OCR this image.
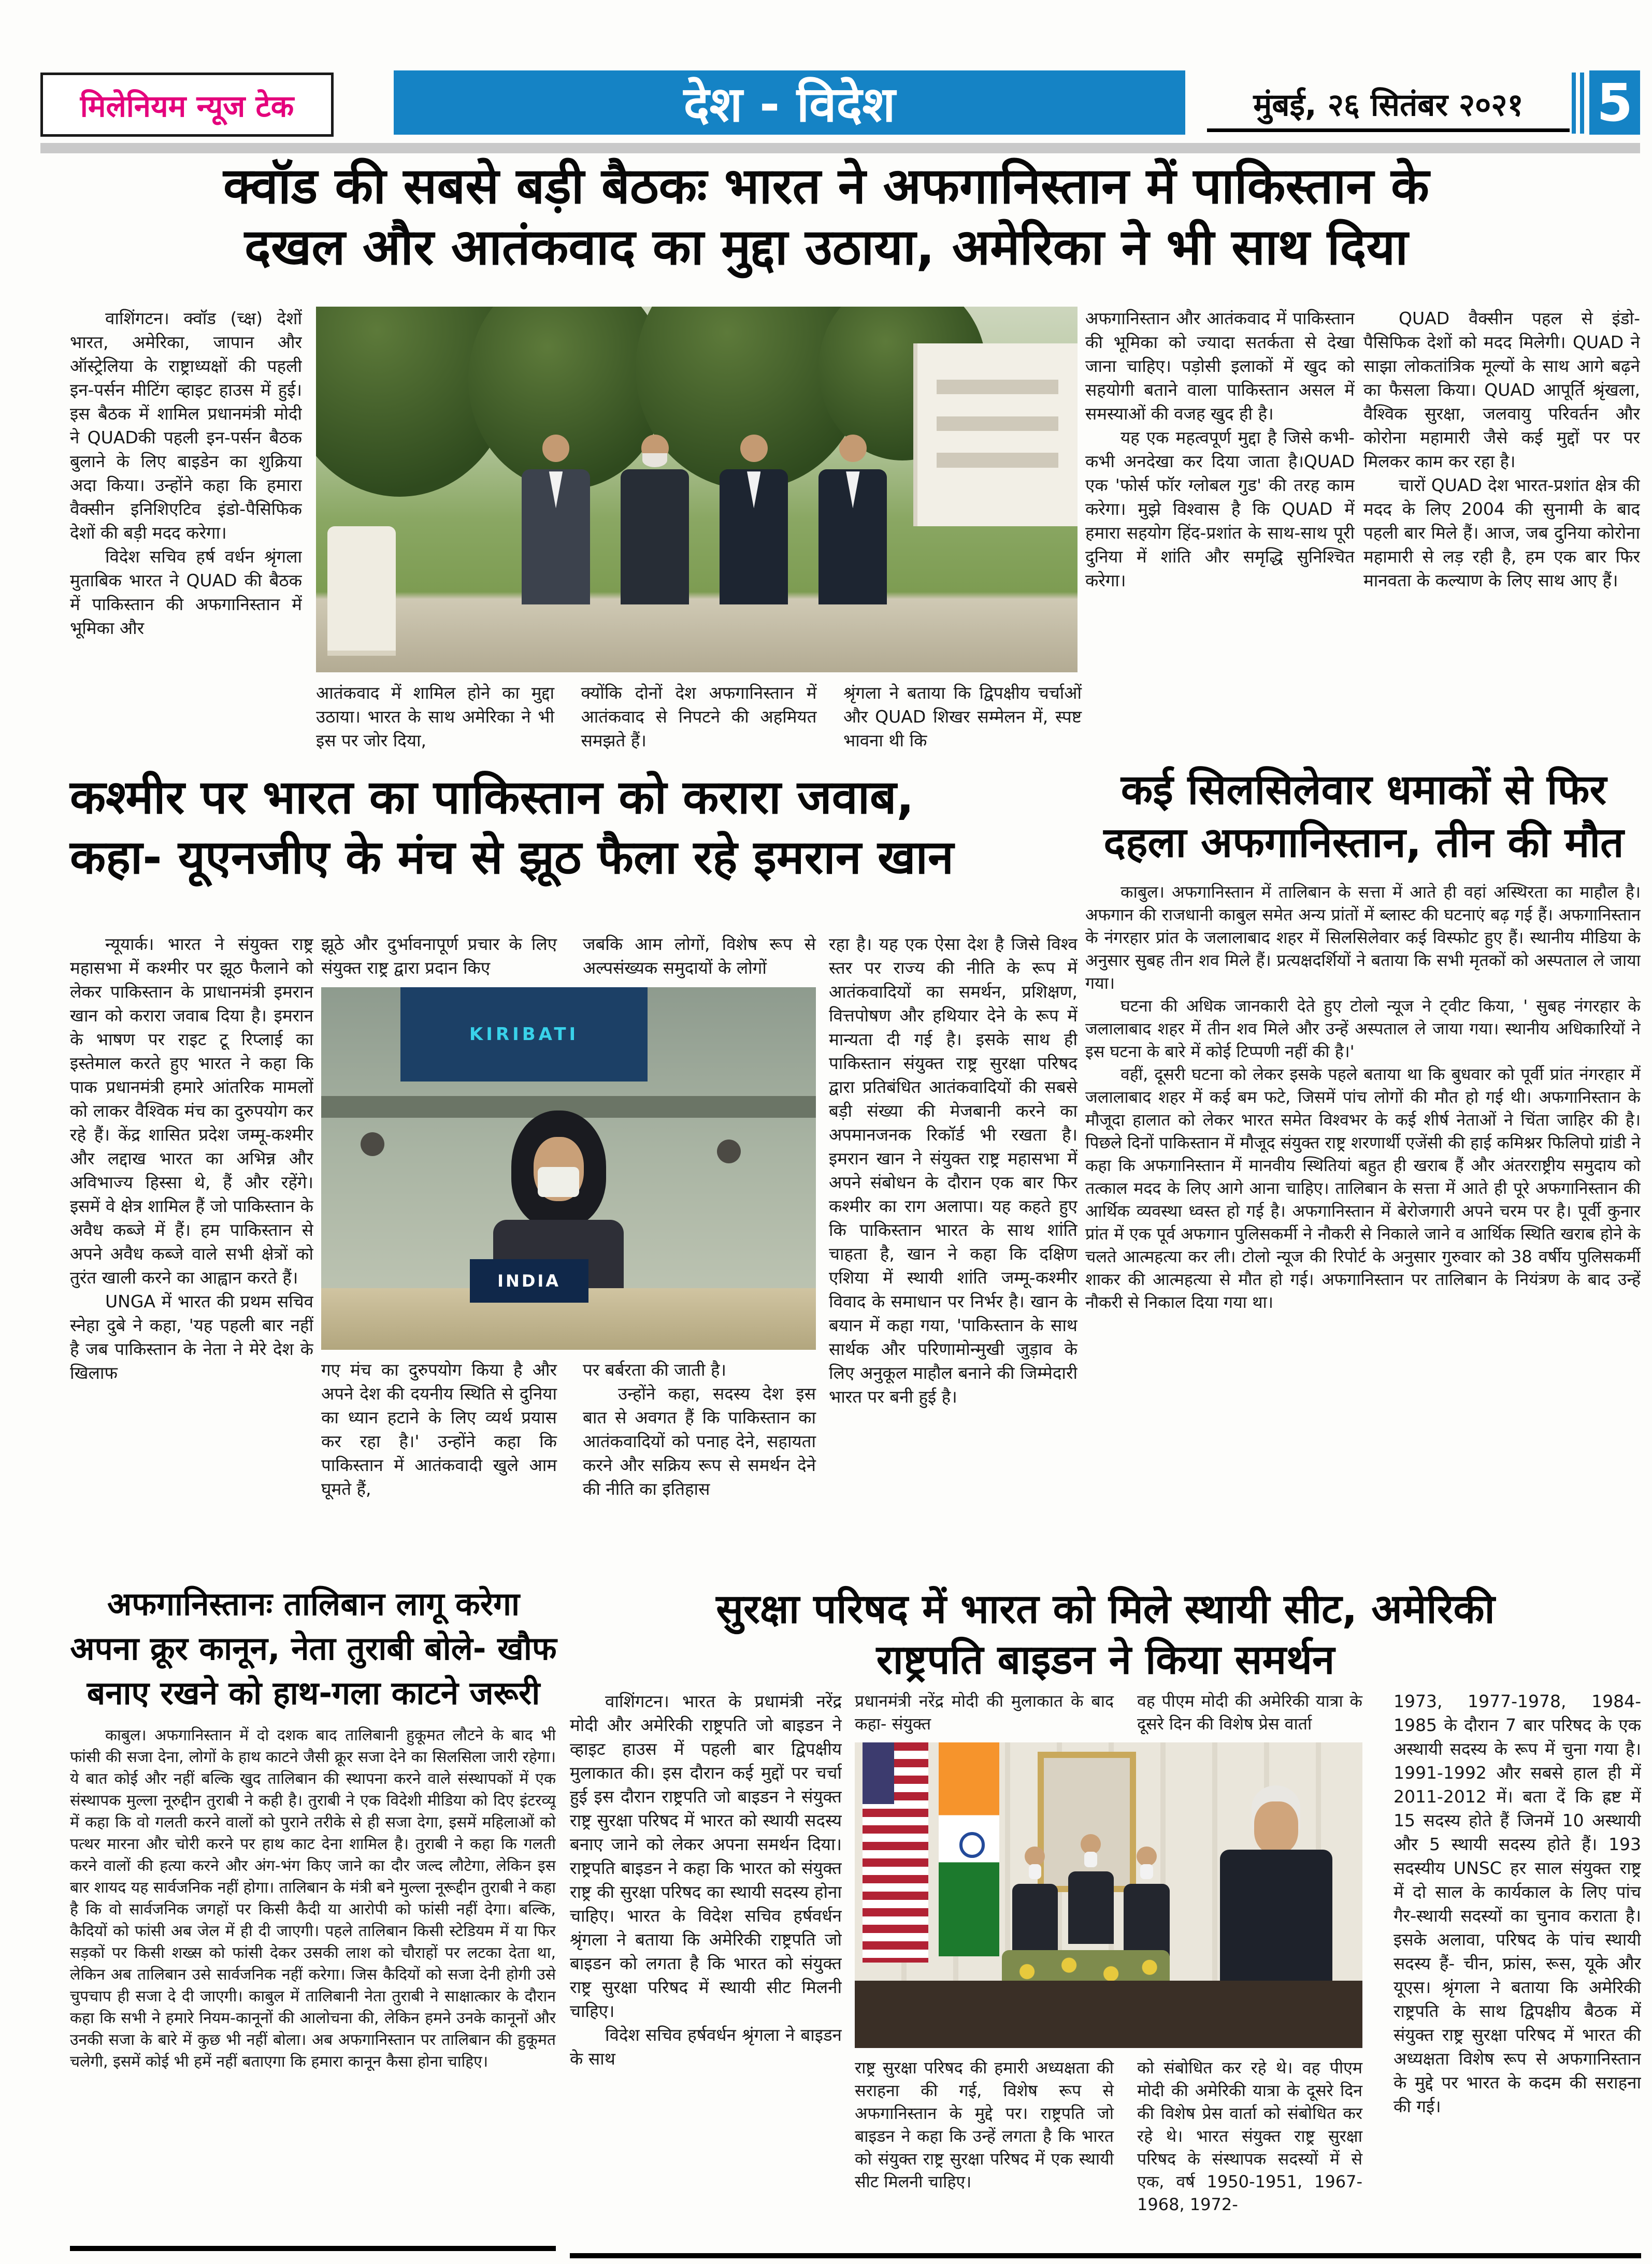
मिलेनियम न्यूज टेक	देश - विदेश	मुंबई, २६ सितंबर २०२१	5
क्वॉड की सबसे बड़ी बैठकः भारत ने अफगानिस्तान में पाकिस्तान के
दखल और आतंकवाद का मुद्दा उठाया, अमेरिका ने भी साथ दिया
वाशिंगटन। क्वॉड (च्क्ष) देशों भारत, अमेरिका, जापान और ऑस्ट्रेलिया के राष्ट्राध्यक्षों की पहली इन-पर्सन मीटिंग व्हाइट हाउस में हुई। इस बैठक में शामिल प्रधानमंत्री मोदी ने QUADकी पहली इन-पर्सन बैठक बुलाने के लिए बाइडेन का शुक्रिया अदा किया। उन्होंने कहा कि हमारा वैक्सीन इनिशिएटिव इंडो-पैसिफिक देशों की बड़ी मदद करेगा।
विदेश सचिव हर्ष वर्धन श्रृंगला मुताबिक भारत ने QUAD की बैठक में पाकिस्तान की अफगानिस्तान में भूमिका और
आतंकवाद में शामिल होने का मुद्दा उठाया। भारत के साथ अमेरिका ने भी इस पर जोर दिया,
क्योंकि दोनों देश अफगानिस्तान में आतंकवाद से निपटने की अहमियत समझते हैं।
श्रृंगला ने बताया कि द्विपक्षीय चर्चाओं और QUAD शिखर सम्मेलन में, स्पष्ट भावना थी कि
अफगानिस्तान और आतंकवाद में पाकिस्तान की भूमिका को ज्यादा सतर्कता से देखा जाना चाहिए। पड़ोसी इलाकों में खुद को सहयोगी बताने वाला पाकिस्तान असल में समस्याओं की वजह खुद ही है।
यह एक महत्वपूर्ण मुद्दा है जिसे कभी-कभी अनदेखा कर दिया जाता है।QUAD एक 'फोर्स फॉर ग्लोबल गुड' की तरह काम करेगा। मुझे विश्वास है कि QUAD में हमारा सहयोग हिंद-प्रशांत के साथ-साथ पूरी दुनिया में शांति और समृद्धि सुनिश्चित करेगा।
QUAD वैक्सीन पहल से इंडो-पैसिफिक देशों को मदद मिलेगी। QUAD ने साझा लोकतांत्रिक मूल्यों के साथ आगे बढ़ने का फैसला किया। QUAD आपूर्ति श्रृंखला, वैश्विक सुरक्षा, जलवायु परिवर्तन और कोरोना महामारी जैसे कई मुद्दों पर पर मिलकर काम कर रहा है।
चारों QUAD देश भारत-प्रशांत क्षेत्र की मदद के लिए 2004 की सुनामी के बाद पहली बार मिले हैं। आज, जब दुनिया कोरोना महामारी से लड़ रही है, हम एक बार फिर मानवता के कल्याण के लिए साथ आए हैं।
कश्मीर पर भारत का पाकिस्तान को करारा जवाब,
कहा- यूएनजीए के मंच से झूठ फैला रहे इमरान खान
न्यूयार्क। भारत ने संयुक्त राष्ट्र महासभा में कश्मीर पर झूठ फैलाने को लेकर पाकिस्तान के प्राधानमंत्री इमरान खान को करारा जवाब दिया है। इमरान के भाषण पर राइट टू रिप्लाई का इस्तेमाल करते हुए भारत ने कहा कि पाक प्रधानमंत्री हमारे आंतरिक मामलों को लाकर वैश्विक मंच का दुरुपयोग कर रहे हैं। केंद्र शासित प्रदेश जम्मू-कश्मीर और लद्दाख भारत का अभिन्न और अविभाज्य हिस्सा थे, हैं और रहेंगे। इसमें वे क्षेत्र शामिल हैं जो पाकिस्तान के अवैध कब्जे में हैं। हम पाकिस्तान से अपने अवैध कब्जे वाले सभी क्षेत्रों को तुरंत खाली करने का आह्वान करते हैं।
UNGA में भारत की प्रथम सचिव स्नेहा दुबे ने कहा, 'यह पहली बार नहीं है जब पाकिस्तान के नेता ने मेरे देश के खिलाफ
झूठे और दुर्भावनापूर्ण प्रचार के लिए संयुक्त राष्ट्र द्वारा प्रदान किए
जबकि आम लोगों, विशेष रूप से अल्पसंख्यक समुदायों के लोगों
KIRIBATI
INDIA
गए मंच का दुरुपयोग किया है और अपने देश की दयनीय स्थिति से दुनिया का ध्यान हटाने के लिए व्यर्थ प्रयास कर रहा है।' उन्होंने कहा कि पाकिस्तान में आतंकवादी खुले आम घूमते हैं,
पर बर्बरता की जाती है।
उन्होंने कहा, सदस्य देश इस बात से अवगत हैं कि पाकिस्तान का आतंकवादियों को पनाह देने, सहायता करने और सक्रिय रूप से समर्थन देने की नीति का इतिहास
रहा है। यह एक ऐसा देश है जिसे विश्व स्तर पर राज्य की नीति के रूप में आतंकवादियों का समर्थन, प्रशिक्षण, वित्तपोषण और हथियार देने के रूप में मान्यता दी गई है। इसके साथ ही पाकिस्तान संयुक्त राष्ट्र सुरक्षा परिषद द्वारा प्रतिबंधित आतंकवादियों की सबसे बड़ी संख्या की मेजबानी करने का अपमानजनक रिकॉर्ड भी रखता है। इमरान खान ने संयुक्त राष्ट्र महासभा में अपने संबोधन के दौरान एक बार फिर कश्मीर का राग अलापा। यह कहते हुए कि पाकिस्तान भारत के साथ शांति चाहता है, खान ने कहा कि दक्षिण एशिया में स्थायी शांति जम्मू-कश्मीर विवाद के समाधान पर निर्भर है। खान के बयान में कहा गया, 'पाकिस्तान के साथ सार्थक और परिणामोन्मुखी जुड़ाव के लिए अनुकूल माहौल बनाने की जिम्मेदारी भारत पर बनी हुई है।
कई सिलसिलेवार धमाकों से फिर
दहला अफगानिस्तान, तीन की मौत
काबुल। अफगानिस्तान में तालिबान के सत्ता में आते ही वहां अस्थिरता का माहौल है। अफगान की राजधानी काबुल समेत अन्य प्रांतों में ब्लास्ट की घटनाएं बढ़ गई हैं। अफगानिस्तान के नंगरहार प्रांत के जलालाबाद शहर में सिलसिलेवार कई विस्फोट हुए हैं। स्थानीय मीडिया के अनुसार सुबह तीन शव मिले हैं। प्रत्यक्षदर्शियों ने बताया कि सभी मृतकों को अस्पताल ले जाया गया।
घटना की अधिक जानकारी देते हुए टोलो न्यूज ने ट्वीट किया, ' सुबह नंगरहार के जलालाबाद शहर में तीन शव मिले और उन्हें अस्पताल ले जाया गया। स्थानीय अधिकारियों ने इस घटना के बारे में कोई टिप्पणी नहीं की है।'
वहीं, दूसरी घटना को लेकर इसके पहले बताया था कि बुधवार को पूर्वी प्रांत नंगरहार में जलालाबाद शहर में कई बम फटे, जिसमें पांच लोगों की मौत हो गई थी। अफगानिस्तान के मौजूदा हालात को लेकर भारत समेत विश्वभर के कई शीर्ष नेताओं ने चिंता जाहिर की है। पिछले दिनों पाकिस्तान में मौजूद संयुक्त राष्ट्र शरणार्थी एजेंसी की हाई कमिश्नर फिलिपो ग्रांडी ने कहा कि अफगानिस्तान में मानवीय स्थितियां बहुत ही खराब हैं और अंतरराष्ट्रीय समुदाय को तत्काल मदद के लिए आगे आना चाहिए। तालिबान के सत्ता में आते ही पूरे अफगानिस्तान की आर्थिक व्यवस्था ध्वस्त हो गई है। अफगानिस्तान में बेरोजगारी अपने चरम पर है। पूर्वी कुनार प्रांत में एक पूर्व अफगान पुलिसकर्मी ने नौकरी से निकाले जाने व आर्थिक स्थिति खराब होने के चलते आत्महत्या कर ली। टोलो न्यूज की रिपोर्ट के अनुसार गुरुवार को 38 वर्षीय पुलिसकर्मी शाकर की आत्महत्या से मौत हो गई। अफगानिस्तान पर तालिबान के नियंत्रण के बाद उन्हें नौकरी से निकाल दिया गया था।
अफगानिस्तानः तालिबान लागू करेगा
अपना क्रूर कानून, नेता तुराबी बोले- खौफ
बनाए रखने को हाथ-गला काटने जरूरी
काबुल। अफगानिस्तान में दो दशक बाद तालिबानी हुकूमत लौटने के बाद भी फांसी की सजा देना, लोगों के हाथ काटने जैसी क्रूर सजा देने का सिलसिला जारी रहेगा। ये बात कोई और नहीं बल्कि खुद तालिबान की स्थापना करने वाले संस्थापकों में एक संस्थापक मुल्ला नूरुद्दीन तुराबी ने कही है। तुराबी ने एक विदेशी मीडिया को दिए इंटरव्यू में कहा कि वो गलती करने वालों को पुराने तरीके से ही सजा देगा, इसमें महिलाओं को पत्थर मारना और चोरी करने पर हाथ काट देना शामिल है। तुराबी ने कहा कि गलती करने वालों की हत्या करने और अंग-भंग किए जाने का दौर जल्द लौटेगा, लेकिन इस बार शायद यह सार्वजनिक नहीं होगा। तालिबान के मंत्री बने मुल्ला नूरूद्दीन तुराबी ने कहा है कि वो सार्वजनिक जगहों पर किसी कैदी या आरोपी को फांसी नहीं देगा। बल्कि, कैदियों को फांसी अब जेल में ही दी जाएगी। पहले तालिबान किसी स्टेडियम में या फिर सड़कों पर किसी शख्स को फांसी देकर उसकी लाश को चौराहों पर लटका देता था, लेकिन अब तालिबान उसे सार्वजनिक नहीं करेगा। जिस कैदियों को सजा देनी होगी उसे चुपचाप ही सजा दे दी जाएगी। काबुल में तालिबानी नेता तुराबी ने साक्षात्कार के दौरान कहा कि सभी ने हमारे नियम-कानूनों की आलोचना की, लेकिन हमने उनके कानूनों और उनकी सजा के बारे में कुछ भी नहीं बोला। अब अफगानिस्तान पर तालिबान की हुकूमत चलेगी, इसमें कोई भी हमें नहीं बताएगा कि हमारा कानून कैसा होना चाहिए।
सुरक्षा परिषद में भारत को मिले स्थायी सीट, अमेरिकी
राष्ट्रपति बाइडन ने किया समर्थन
वाशिंगटन। भारत के प्रधामंत्री नरेंद्र मोदी और अमेरिकी राष्ट्रपति जो बाइडन ने व्हाइट हाउस में पहली बार द्विपक्षीय मुलाकात की। इस दौरान कई मुद्दों पर चर्चा हुई इस दौरान राष्ट्रपति जो बाइडन ने संयुक्त राष्ट्र सुरक्षा परिषद में भारत को स्थायी सदस्य बनाए जाने को लेकर अपना समर्थन दिया। राष्ट्रपति बाइडन ने कहा कि भारत को संयुक्त राष्ट्र की सुरक्षा परिषद का स्थायी सदस्य होना चाहिए। भारत के विदेश सचिव हर्षवर्धन श्रृंगला ने बताया कि अमेरिकी राष्ट्रपति जो बाइडन को लगता है कि भारत को संयुक्त राष्ट्र सुरक्षा परिषद में स्थायी सीट मिलनी चाहिए।
विदेश सचिव हर्षवर्धन श्रृंगला ने बाइडन के साथ
प्रधानमंत्री नरेंद्र मोदी की मुलाकात के बाद कहा- संयुक्त
वह पीएम मोदी की अमेरिकी यात्रा के दूसरे दिन की विशेष प्रेस वार्ता
राष्ट्र सुरक्षा परिषद की हमारी अध्यक्षता की सराहना की गई, विशेष रूप से अफगानिस्तान के मुद्दे पर। राष्ट्रपति जो बाइडन ने कहा कि उन्हें लगता है कि भारत को संयुक्त राष्ट्र सुरक्षा परिषद में एक स्थायी सीट मिलनी चाहिए।
को संबोधित कर रहे थे। वह पीएम मोदी की अमेरिकी यात्रा के दूसरे दिन की विशेष प्रेस वार्ता को संबोधित कर रहे थे। भारत संयुक्त राष्ट्र सुरक्षा परिषद के संस्थापक सदस्यों में से एक, वर्ष 1950-1951, 1967-1968, 1972-
1973, 1977-1978, 1984-1985 के दौरान 7 बार परिषद के एक अस्थायी सदस्य के रूप में चुना गया है। 1991-1992 और सबसे हाल ही में 2011-2012 में। बता दें कि ह्रष्ट में 15 सदस्य होते हैं जिनमें 10 अस्थायी और 5 स्थायी सदस्य होते हैं। 193 सदस्यीय UNSC हर साल संयुक्त राष्ट्र में दो साल के कार्यकाल के लिए पांच गैर-स्थायी सदस्यों का चुनाव कराता है। इसके अलावा, परिषद के पांच स्थायी सदस्य हैं- चीन, फ्रांस, रूस, यूके और यूएस। श्रृंगला ने बताया कि अमेरिकी राष्ट्रपति के साथ द्विपक्षीय बैठक में संयुक्त राष्ट्र सुरक्षा परिषद में भारत की अध्यक्षता विशेष रूप से अफगानिस्तान के मुद्दे पर भारत के कदम की सराहना की गई।
